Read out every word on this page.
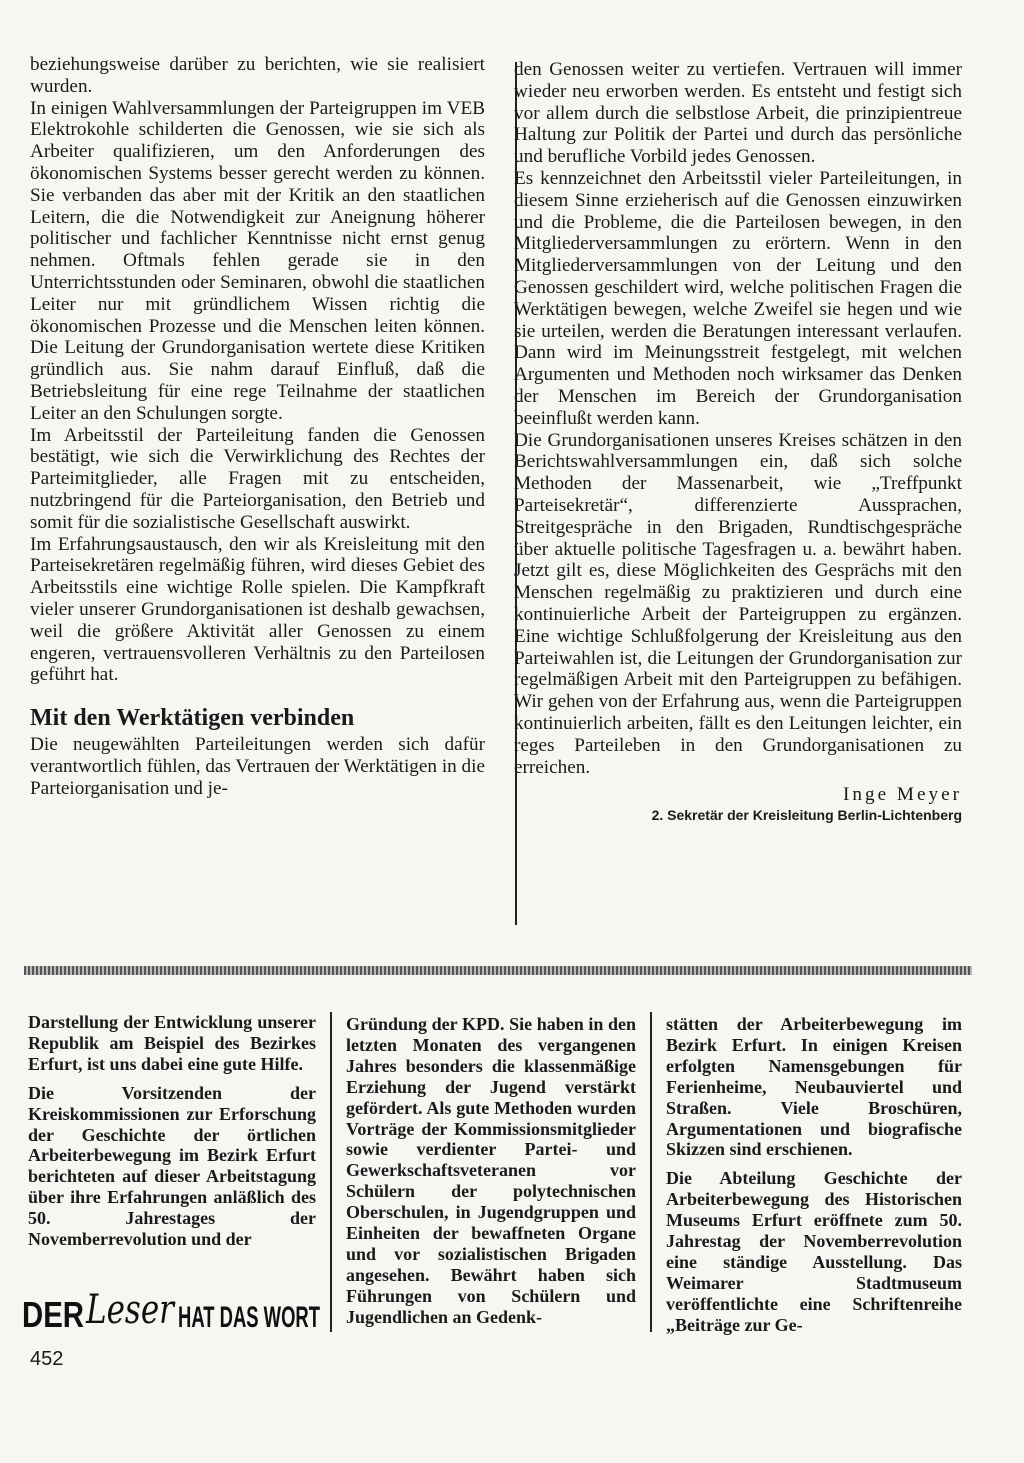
beziehungsweise darüber zu berichten, wie sie realisiert wurden.

In einigen Wahlversammlungen der Parteigruppen im VEB Elektrokohle schilderten die Genossen, wie sie sich als Arbeiter qualifizieren, um den Anforderungen des ökonomischen Systems besser gerecht werden zu können. Sie verbanden das aber mit der Kritik an den staatlichen Leitern, die die Notwendigkeit zur Aneignung höherer politischer und fachlicher Kenntnisse nicht ernst genug nehmen. Oftmals fehlen gerade sie in den Unterrichtsstunden oder Seminaren, obwohl die staatlichen Leiter nur mit gründlichem Wissen richtig die ökonomischen Prozesse und die Menschen leiten können. Die Leitung der Grundorganisation wertete diese Kritiken gründlich aus. Sie nahm darauf Einfluß, daß die Betriebsleitung für eine rege Teilnahme der staatlichen Leiter an den Schulungen sorgte.

Im Arbeitsstil der Parteileitung fanden die Genossen bestätigt, wie sich die Verwirklichung des Rechtes der Parteimitglieder, alle Fragen mit zu entscheiden, nutzbringend für die Parteiorganisation, den Betrieb und somit für die sozialistische Gesellschaft auswirkt.

Im Erfahrungsaustausch, den wir als Kreisleitung mit den Parteisekretären regelmäßig führen, wird dieses Gebiet des Arbeitsstils eine wichtige Rolle spielen. Die Kampfkraft vieler unserer Grundorganisationen ist deshalb gewachsen, weil die größere Aktivität aller Genossen zu einem engeren, vertrauensvolleren Verhältnis zu den Parteilosen geführt hat.

Mit den Werktätigen verbinden

Die neugewählten Parteileitungen werden sich dafür verantwortlich fühlen, das Vertrauen der Werktätigen in die Parteiorganisation und je-

den Genossen weiter zu vertiefen. Vertrauen will immer wieder neu erworben werden. Es entsteht und festigt sich vor allem durch die selbstlose Arbeit, die prinzipientreue Haltung zur Politik der Partei und durch das persönliche und berufliche Vorbild jedes Genossen.

Es kennzeichnet den Arbeitsstil vieler Parteileitungen, in diesem Sinne erzieherisch auf die Genossen einzuwirken und die Probleme, die die Parteilosen bewegen, in den Mitgliederversammlungen zu erörtern. Wenn in den Mitgliederversammlungen von der Leitung und den Genossen geschildert wird, welche politischen Fragen die Werktätigen bewegen, welche Zweifel sie hegen und wie sie urteilen, werden die Beratungen interessant verlaufen. Dann wird im Meinungsstreit festgelegt, mit welchen Argumenten und Methoden noch wirksamer das Denken der Menschen im Bereich der Grundorganisation beeinflußt werden kann.

Die Grundorganisationen unseres Kreises schätzen in den Berichtswahlversammlungen ein, daß sich solche Methoden der Massenarbeit, wie „Treffpunkt Parteisekretär“, differenzierte Aussprachen, Streitgespräche in den Brigaden, Rundtischgespräche über aktuelle politische Tagesfragen u. a. bewährt haben. Jetzt gilt es, diese Möglichkeiten des Gesprächs mit den Menschen regelmäßig zu praktizieren und durch eine kontinuierliche Arbeit der Parteigruppen zu ergänzen. Eine wichtige Schlußfolgerung der Kreisleitung aus den Parteiwahlen ist, die Leitungen der Grundorganisation zur regelmäßigen Arbeit mit den Parteigruppen zu befähigen. Wir gehen von der Erfahrung aus, wenn die Parteigruppen kontinuierlich arbeiten, fällt es den Leitungen leichter, ein reges Parteileben in den Grundorganisationen zu erreichen.

Inge Meyer
2. Sekretär der Kreisleitung Berlin-Lichtenberg

Darstellung der Entwicklung unserer Republik am Beispiel des Bezirkes Erfurt, ist uns dabei eine gute Hilfe.

Die Vorsitzenden der Kreiskommissionen zur Erforschung der Geschichte der örtlichen Arbeiterbewegung im Bezirk Erfurt berichteten auf dieser Arbeitstagung über ihre Erfahrungen anläßlich des 50. Jahrestages der Novemberrevolution und der

Gründung der KPD. Sie haben in den letzten Monaten des vergangenen Jahres besonders die klassenmäßige Erziehung der Jugend verstärkt gefördert. Als gute Methoden wurden Vorträge der Kommissionsmitglieder sowie verdienter Partei- und Gewerkschaftsveteranen vor Schülern der polytechnischen Oberschulen, in Jugendgruppen und Einheiten der bewaffneten Organe und vor sozialistischen Brigaden angesehen. Bewährt haben sich Führungen von Schülern und Jugendlichen an Gedenk-

stätten der Arbeiterbewegung im Bezirk Erfurt. In einigen Kreisen erfolgten Namensgebungen für Ferienheime, Neubauviertel und Straßen. Viele Broschüren, Argumentationen und biografische Skizzen sind erschienen.

Die Abteilung Geschichte der Arbeiterbewegung des Historischen Museums Erfurt eröffnete zum 50. Jahrestag der Novemberrevolution eine ständige Ausstellung. Das Weimarer Stadtmuseum veröffentlichte eine Schriftenreihe „Beiträge zur Ge-

DER Leser HAT DAS WORT
452
